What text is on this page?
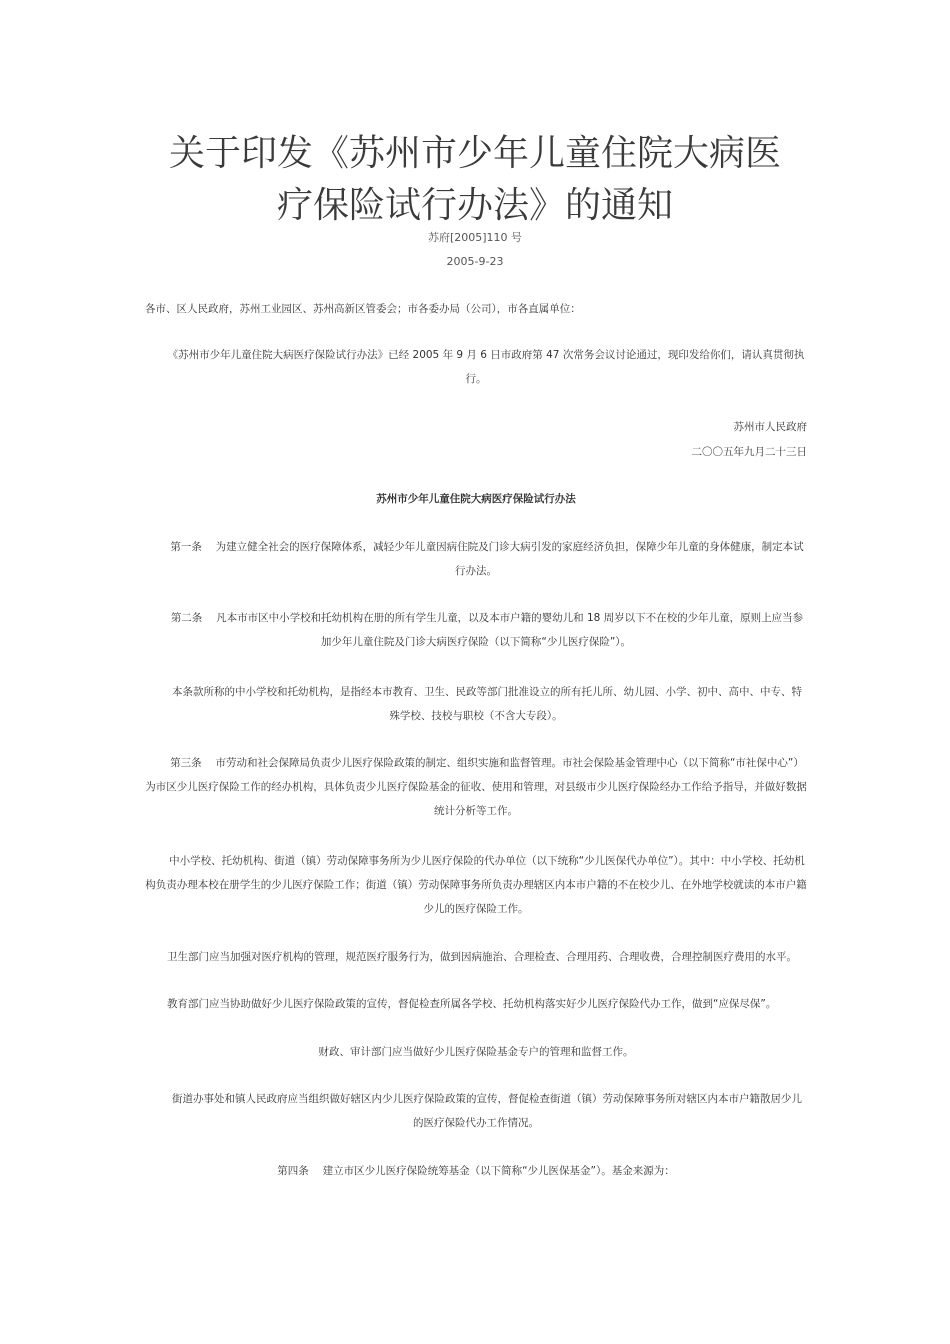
关于印发《苏州市少年儿童住院大病医
疗保险试行办法》的通知
苏府[2005]110 号
2005-9-23

各市、区人民政府，苏州工业园区、苏州高新区管委会；市各委办局（公司），市各直属单位：

《苏州市少年儿童住院大病医疗保险试行办法》已经 2005 年 9 月 6 日市政府第 47 次常务会议讨论通过，现印发给你们，请认真贯彻执行。

苏州市人民政府

二〇〇五年九月二十三日

苏州市少年儿童住院大病医疗保险试行办法

第一条　 为建立健全社会的医疗保障体系，减轻少年儿童因病住院及门诊大病引发的家庭经济负担，保障少年儿童的身体健康，制定本试行办法。

第二条　 凡本市市区中小学校和托幼机构在册的所有学生儿童，以及本市户籍的婴幼儿和 18 周岁以下不在校的少年儿童，原则上应当参加少年儿童住院及门诊大病医疗保险（以下简称“少儿医疗保险”）。

本条款所称的中小学校和托幼机构，是指经本市教育、卫生、民政等部门批准设立的所有托儿所、幼儿园、小学、初中、高中、中专、特殊学校、技校与职校（不含大专段）。

第三条　 市劳动和社会保障局负责少儿医疗保险政策的制定、组织实施和监督管理。市社会保险基金管理中心（以下简称“市社保中心”）为市区少儿医疗保险工作的经办机构，具体负责少儿医疗保险基金的征收、使用和管理，对县级市少儿医疗保险经办工作给予指导，并做好数据统计分析等工作。

中小学校、托幼机构、街道（镇）劳动保障事务所为少儿医疗保险的代办单位（以下统称“少儿医保代办单位”）。其中：中小学校、托幼机构负责办理本校在册学生的少儿医疗保险工作；街道（镇）劳动保障事务所负责办理辖区内本市户籍的不在校少儿、在外地学校就读的本市户籍少儿的医疗保险工作。

卫生部门应当加强对医疗机构的管理，规范医疗服务行为，做到因病施治、合理检查、合理用药、合理收费，合理控制医疗费用的水平。

教育部门应当协助做好少儿医疗保险政策的宣传，督促检查所属各学校、托幼机构落实好少儿医疗保险代办工作，做到“应保尽保”。

财政、审计部门应当做好少儿医疗保险基金专户的管理和监督工作。

街道办事处和镇人民政府应当组织做好辖区内少儿医疗保险政策的宣传，督促检查街道（镇）劳动保障事务所对辖区内本市户籍散居少儿的医疗保险代办工作情况。

第四条　 建立市区少儿医疗保险统筹基金（以下简称“少儿医保基金”）。基金来源为：
